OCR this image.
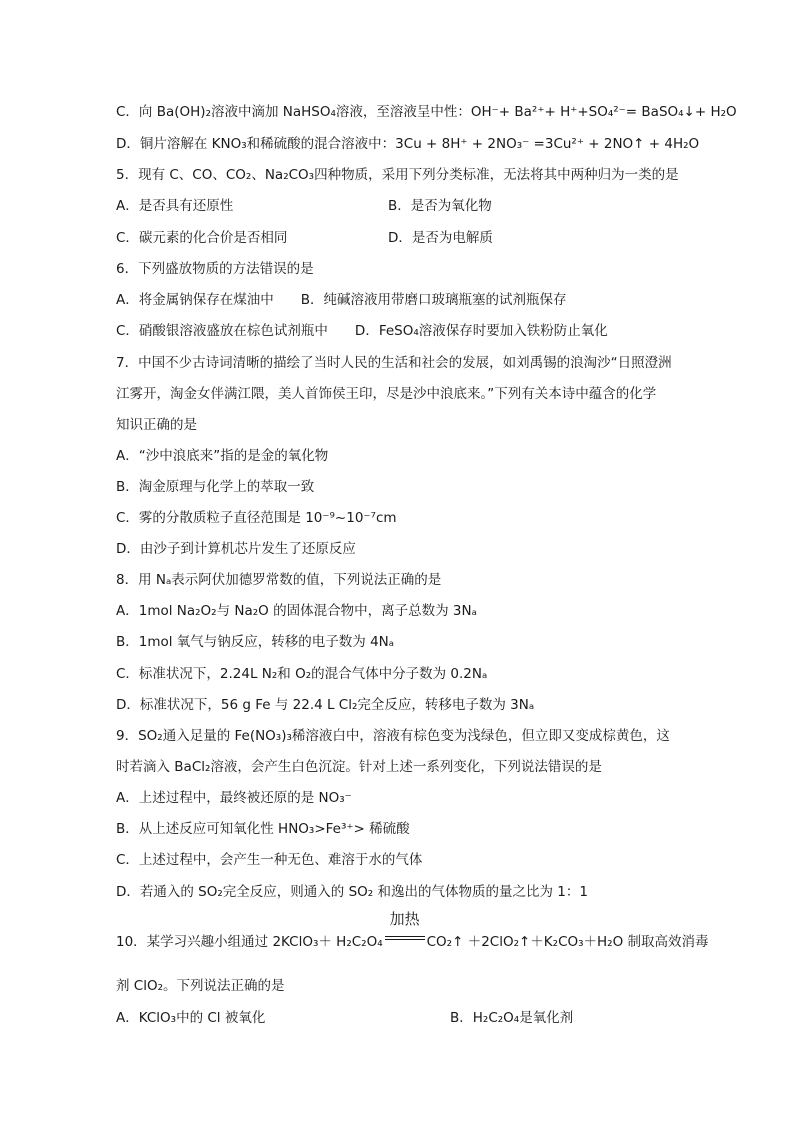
C．向 Ba(OH)₂溶液中滴加 NaHSO₄溶液，至溶液呈中性：OH⁻+ Ba²⁺+ H⁺+SO₄²⁻= BaSO₄↓+ H₂O
D．铜片溶解在 KNO₃和稀硫酸的混合溶液中：3Cu + 8H⁺ + 2NO₃⁻ =3Cu²⁺ + 2NO↑ + 4H₂O
5．现有 C、CO、CO₂、Na₂CO₃四种物质，采用下列分类标准，无法将其中两种归为一类的是
A．是否具有还原性	B．是否为氧化物
C．碳元素的化合价是否相同	D．是否为电解质
6．下列盛放物质的方法错误的是
A．将金属钠保存在煤油中　　B．纯碱溶液用带磨口玻璃瓶塞的试剂瓶保存
C．硝酸银溶液盛放在棕色试剂瓶中　　D．FeSO₄溶液保存时要加入铁粉防止氧化
7．中国不少古诗词清晰的描绘了当时人民的生活和社会的发展，如刘禹锡的浪淘沙“日照澄洲
江雾开，淘金女伴满江隈，美人首饰侯王印，尽是沙中浪底来。”下列有关本诗中蕴含的化学
知识正确的是
A．“沙中浪底来”指的是金的氧化物
B．淘金原理与化学上的萃取一致
C．雾的分散质粒子直径范围是 10⁻⁹~10⁻⁷cm
D．由沙子到计算机芯片发生了还原反应
8．用 Nₐ表示阿伏加德罗常数的值，下列说法正确的是
A．1mol Na₂O₂与 Na₂O 的固体混合物中，离子总数为 3Nₐ
B．1mol 氧气与钠反应，转移的电子数为 4Nₐ
C．标准状况下，2.24L N₂和 O₂的混合气体中分子数为 0.2Nₐ
D．标准状况下，56 g Fe 与 22.4 L Cl₂完全反应，转移电子数为 3Nₐ
9．SO₂通入足量的 Fe(NO₃)₃稀溶液白中，溶液有棕色变为浅绿色，但立即又变成棕黄色，这
时若滴入 BaCl₂溶液，会产生白色沉淀。针对上述一系列变化，下列说法错误的是
A．上述过程中，最终被还原的是 NO₃⁻
B．从上述反应可知氧化性 HNO₃>Fe³⁺> 稀硫酸
C．上述过程中，会产生一种无色、难溶于水的气体
D．若通入的 SO₂完全反应，则通入的 SO₂ 和逸出的气体物质的量之比为 1：1
10．某学习兴趣小组通过 2KClO₃＋ H₂C₂O₄
加热
CO₂↑ ＋2ClO₂↑＋K₂CO₃＋H₂O 制取高效消毒
剂 ClO₂。下列说法正确的是
A．KClO₃中的 Cl 被氧化	B．H₂C₂O₄是氧化剂
